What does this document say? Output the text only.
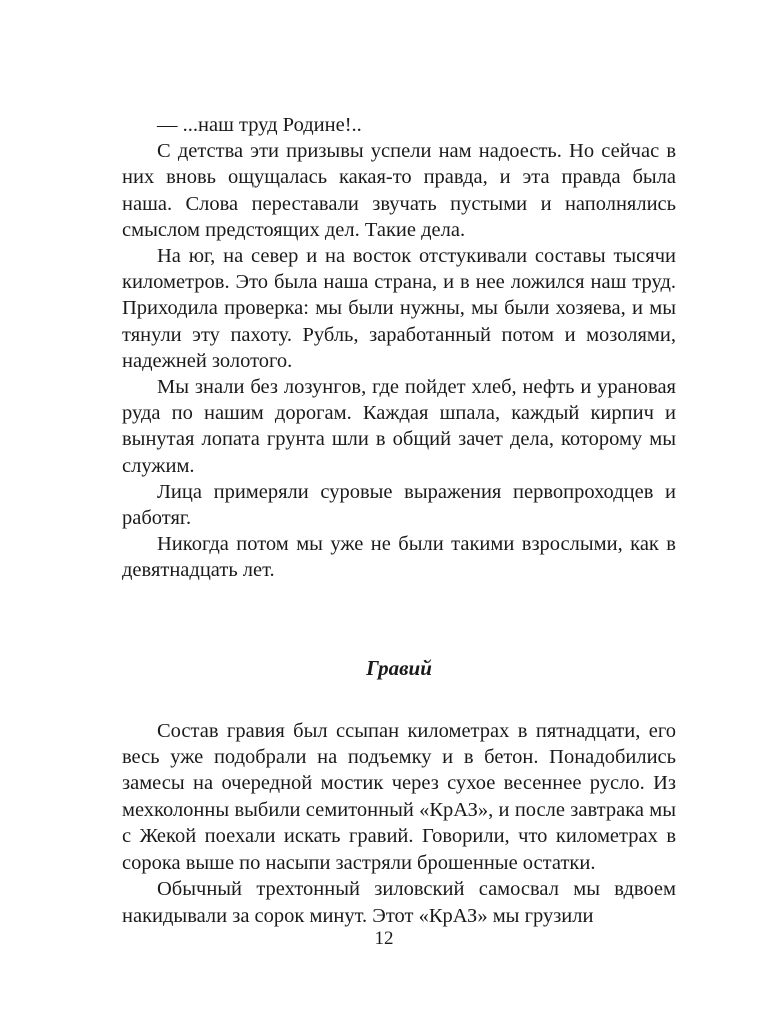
— ...наш труд Родине!..

С детства эти призывы успели нам надоесть. Но сейчас в них вновь ощущалась какая-то правда, и эта правда была наша. Слова переставали звучать пустыми и наполнялись смыслом предстоящих дел. Такие дела.

На юг, на север и на восток отстукивали составы тысячи километров. Это была наша страна, и в нее ложился наш труд. Приходила проверка: мы были нужны, мы были хозяева, и мы тянули эту пахоту. Рубль, заработанный потом и мозолями, надежней золотого.

Мы знали без лозунгов, где пойдет хлеб, нефть и урановая руда по нашим дорогам. Каждая шпала, каждый кирпич и вынутая лопата грунта шли в общий зачет дела, которому мы служим.

Лица примеряли суровые выражения первопроходцев и работяг.

Никогда потом мы уже не были такими взрослыми, как в девятнадцать лет.

Гравий

Состав гравия был ссыпан километрах в пятнадцати, его весь уже подобрали на подъемку и в бетон. Понадобились замесы на очередной мостик через сухое весеннее русло. Из мехколонны выбили семитонный «КрАЗ», и после завтрака мы с Жекой поехали искать гравий. Говорили, что километрах в сорока выше по насыпи застряли брошенные остатки.

Обычный трехтонный зиловский самосвал мы вдвоем накидывали за сорок минут. Этот «КрАЗ» мы грузили

12
